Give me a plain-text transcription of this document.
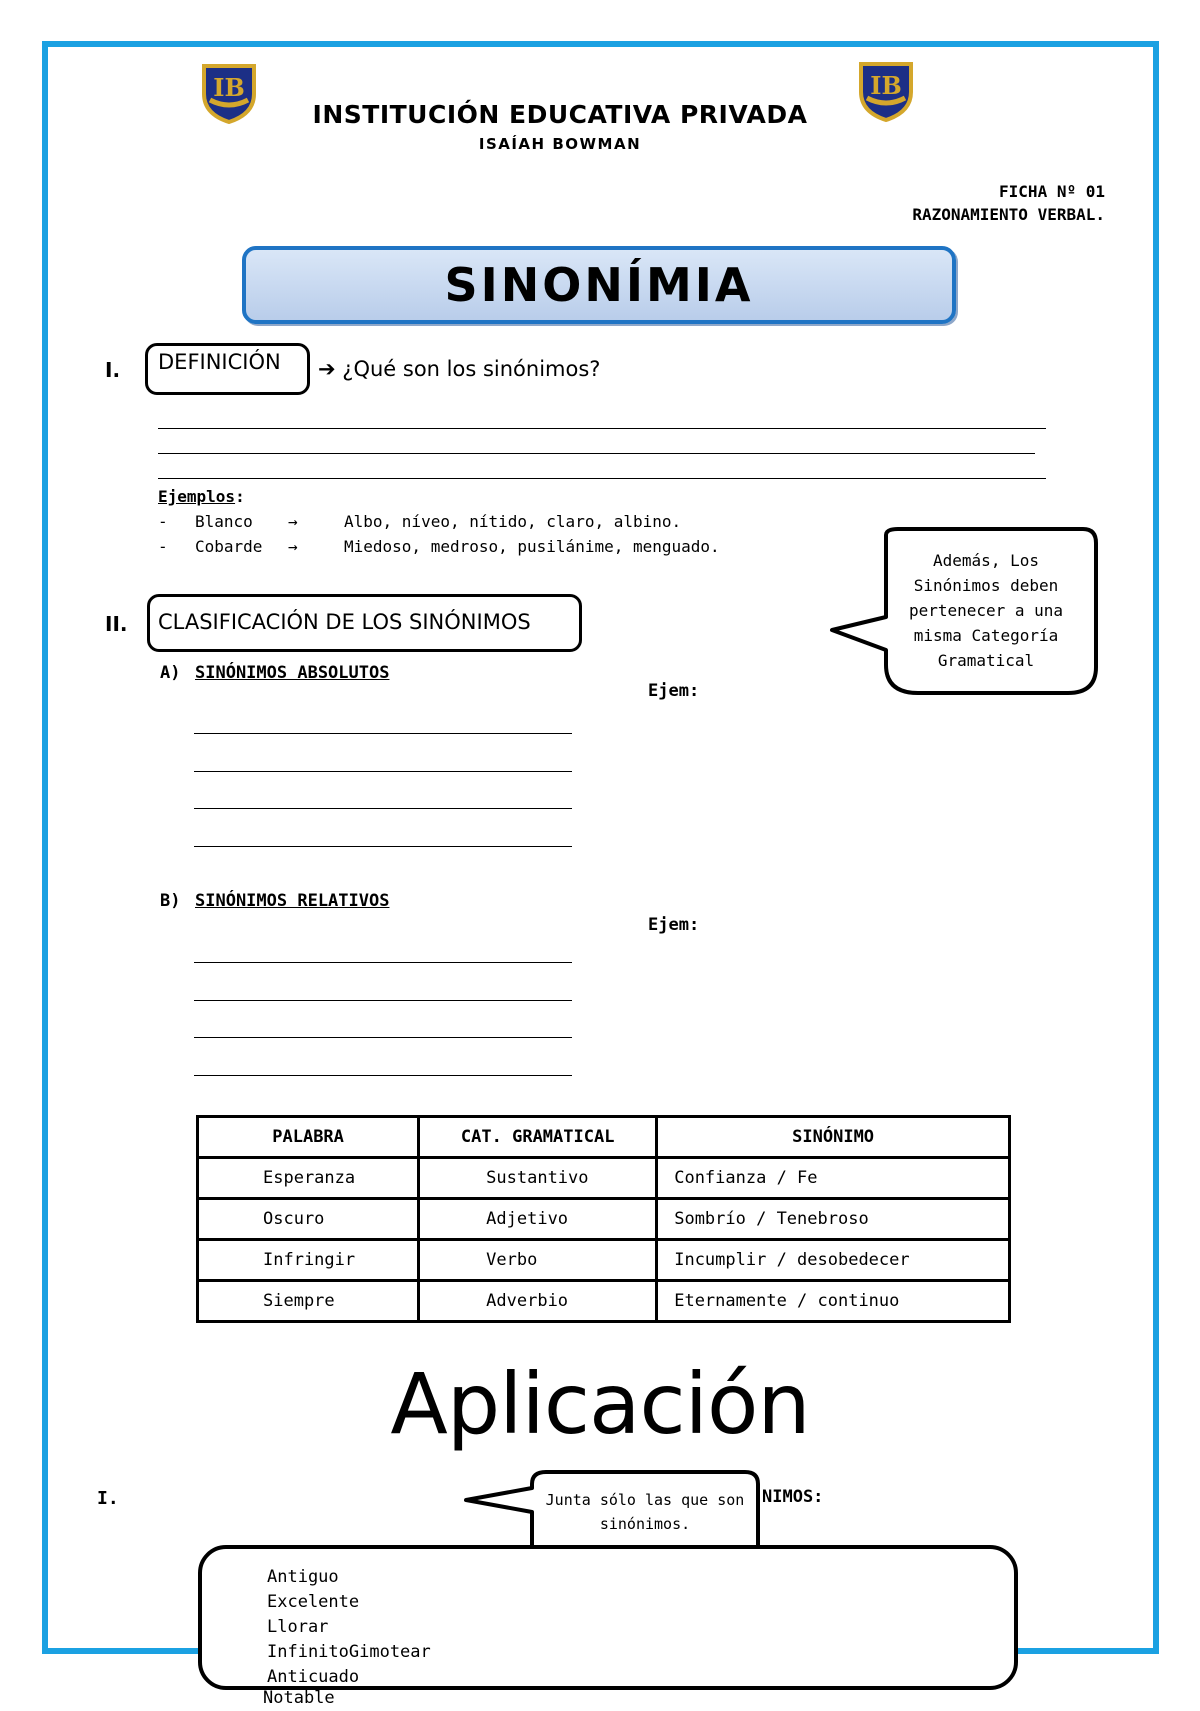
IB	IB
INSTITUCIÓN EDUCATIVA PRIVADA
ISAÍAH BOWMAN
FICHA Nº 01
RAZONAMIENTO VERBAL.
SINONÍMIA
I.	DEFINICIÓN	➔ ¿Qué son los sinónimos?
Ejemplos:
- Blanco →	Albo, níveo, nítido, claro, albino.
- Cobarde →	Miedoso, medroso, pusilánime, menguado.
Además, Los
Sinónimos deben
pertenecer a una
misma Categoría
Gramatical
II. CLASIFICACIÓN DE LOS SINÓNIMOS
A) SINÓNIMOS ABSOLUTOS
Ejem:
B) SINÓNIMOS RELATIVOS
Ejem:
PALABRA	CAT. GRAMATICAL	SINÓNIMO
Esperanza	Sustantivo	Confianza / Fe
Oscuro	Adjetivo	Sombrío / Tenebroso
Infringir	Verbo	Incumplir / desobedecer
Siempre	Adverbio	Eternamente / continuo
Aplicación
I.	NIMOS:
Junta sólo las que son
sinónimos.
Antiguo
Excelente
Llorar
InfinitoGimotear
Anticuado
Notable
